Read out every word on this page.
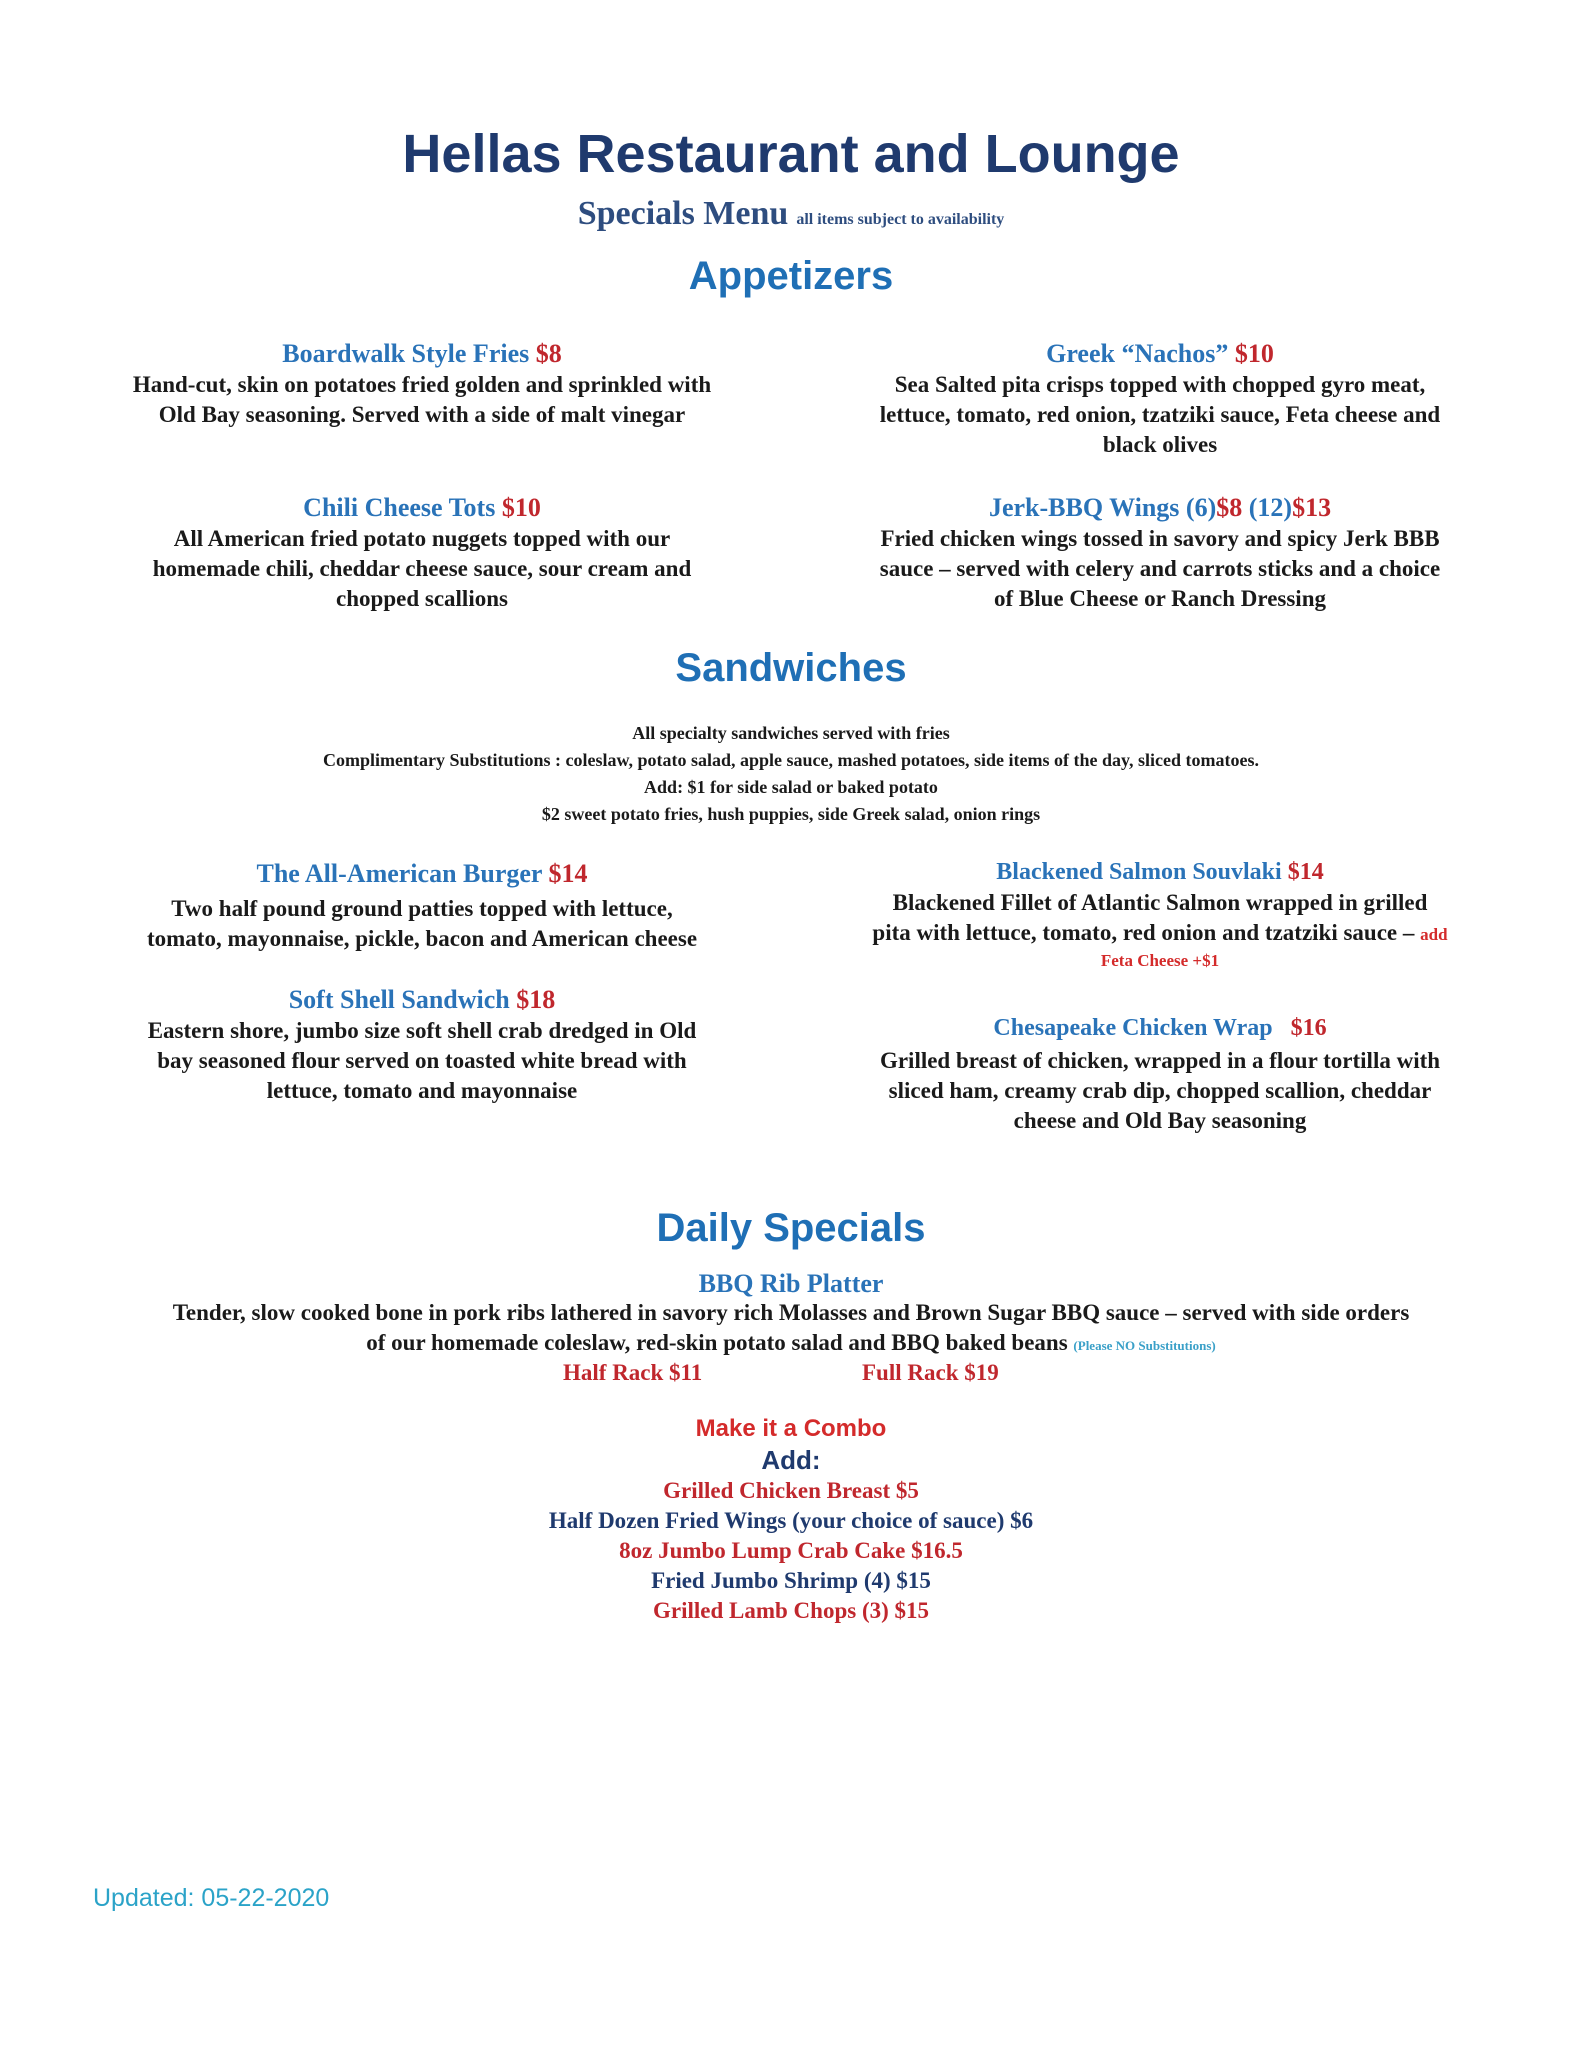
Hellas Restaurant and Lounge
Specials Menu all items subject to availability
Appetizers
Boardwalk Style Fries $8
Hand-cut, skin on potatoes fried golden and sprinkled with
Old Bay seasoning. Served with a side of malt vinegar
Greek “Nachos” $10
Sea Salted pita crisps topped with chopped gyro meat,
lettuce, tomato, red onion, tzatziki sauce, Feta cheese and
black olives
Chili Cheese Tots $10
All American fried potato nuggets topped with our
homemade chili, cheddar cheese sauce, sour cream and
chopped scallions
Jerk-BBQ Wings (6)$8 (12)$13
Fried chicken wings tossed in savory and spicy Jerk BBB
sauce – served with celery and carrots sticks and a choice
of Blue Cheese or Ranch Dressing
Sandwiches
All specialty sandwiches served with fries
Complimentary Substitutions : coleslaw, potato salad, apple sauce, mashed potatoes, side items of the day, sliced tomatoes.
Add: $1 for side salad or baked potato
$2 sweet potato fries, hush puppies, side Greek salad, onion rings
The All-American Burger $14
Two half pound ground patties topped with lettuce,
tomato, mayonnaise, pickle, bacon and American cheese
Blackened Salmon Souvlaki $14
Blackened Fillet of Atlantic Salmon wrapped in grilled
pita with lettuce, tomato, red onion and tzatziki sauce – add
Feta Cheese +$1
Soft Shell Sandwich $18
Eastern shore, jumbo size soft shell crab dredged in Old
bay seasoned flour served on toasted white bread with
lettuce, tomato and mayonnaise
Chesapeake Chicken Wrap $16
Grilled breast of chicken, wrapped in a flour tortilla with
sliced ham, creamy crab dip, chopped scallion, cheddar
cheese and Old Bay seasoning
Daily Specials
BBQ Rib Platter
Tender, slow cooked bone in pork ribs lathered in savory rich Molasses and Brown Sugar BBQ sauce – served with side orders
of our homemade coleslaw, red-skin potato salad and BBQ baked beans (Please NO Substitutions)
Half Rack $11	Full Rack $19
Make it a Combo
Add:
Grilled Chicken Breast $5
Half Dozen Fried Wings (your choice of sauce) $6
8oz Jumbo Lump Crab Cake $16.5
Fried Jumbo Shrimp (4) $15
Grilled Lamb Chops (3) $15
Updated: 05-22-2020
